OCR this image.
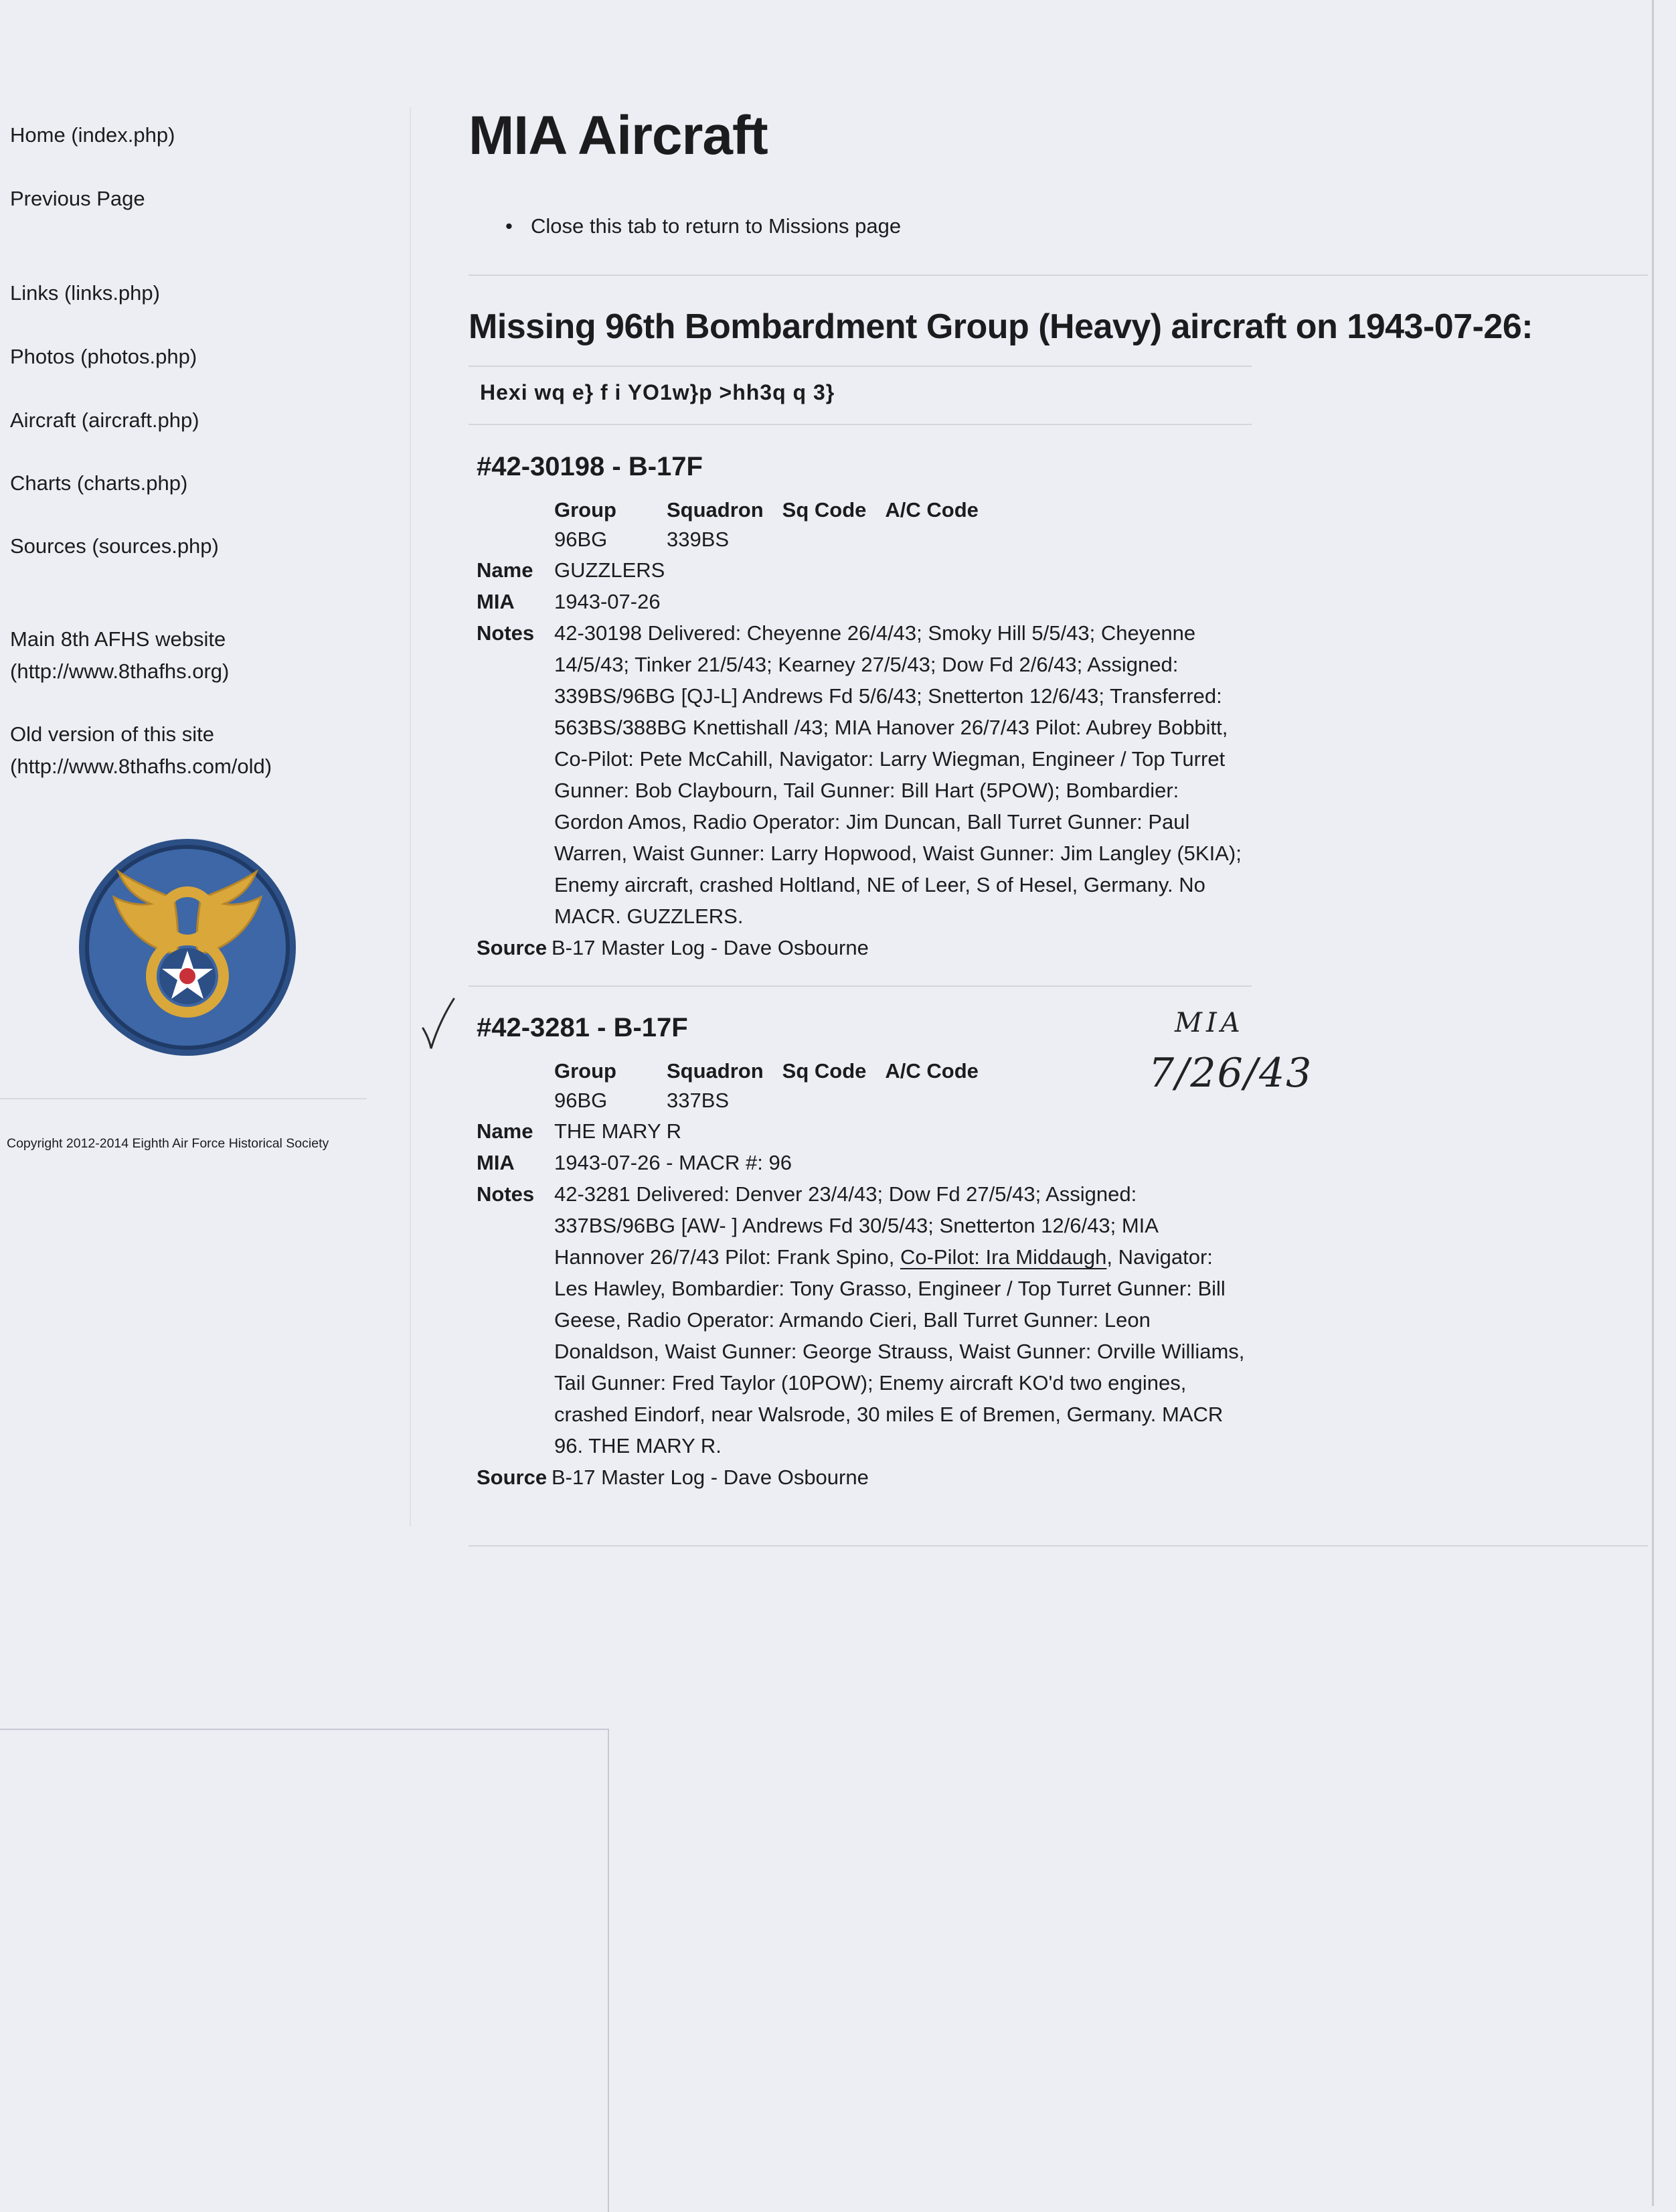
Home (index.php)
Previous Page
Links (links.php)
Photos (photos.php)
Aircraft (aircraft.php)
Charts (charts.php)
Sources (sources.php)
Main 8th AFHS website (http://www.8thafhs.org)
Old version of this site (http://www.8thafhs.com/old)
Copyright 2012-2014 Eighth Air Force Historical Society
MIA Aircraft
• Close this tab to return to Missions page
Missing 96th Bombardment Group (Heavy) aircraft on 1943-07-26:
Hexi wq e} f i YO1w}p >hh3q q 3}
#42-30198 - B-17F
Group	Squadron	Sq Code	A/C Code
96BG	339BS		
Name	GUZZLERS
MIA	1943-07-26
Notes 42-30198 Delivered: Cheyenne 26/4/43; Smoky Hill 5/5/43; Cheyenne 14/5/43; Tinker 21/5/43; Kearney 27/5/43; Dow Fd 2/6/43; Assigned: 339BS/96BG [QJ-L] Andrews Fd 5/6/43; Snetterton 12/6/43; Transferred: 563BS/388BG Knettishall /43; MIA Hanover 26/7/43 Pilot: Aubrey Bobbitt, Co-Pilot: Pete McCahill, Navigator: Larry Wiegman, Engineer / Top Turret Gunner: Bob Claybourn, Tail Gunner: Bill Hart (5POW); Bombardier: Gordon Amos, Radio Operator: Jim Duncan, Ball Turret Gunner: Paul Warren, Waist Gunner: Larry Hopwood, Waist Gunner: Jim Langley (5KIA); Enemy aircraft, crashed Holtland, NE of Leer, S of Hesel, Germany. No MACR. GUZZLERS.
Source B-17 Master Log - Dave Osbourne
#42-3281 - B-17F
Group	Squadron	Sq Code	A/C Code
96BG	337BS		
Name	THE MARY R
MIA	1943-07-26 - MACR #: 96
Notes 42-3281 Delivered: Denver 23/4/43; Dow Fd 27/5/43; Assigned: 337BS/96BG [AW- ] Andrews Fd 30/5/43; Snetterton 12/6/43; MIA Hannover 26/7/43 Pilot: Frank Spino, Co-Pilot: Ira Middaugh, Navigator: Les Hawley, Bombardier: Tony Grasso, Engineer / Top Turret Gunner: Bill Geese, Radio Operator: Armando Cieri, Ball Turret Gunner: Leon Donaldson, Waist Gunner: George Strauss, Waist Gunner: Orville Williams, Tail Gunner: Fred Taylor (10POW); Enemy aircraft KO'd two engines, crashed Eindorf, near Walsrode, 30 miles E of Bremen, Germany. MACR 96. THE MARY R.
Source B-17 Master Log - Dave Osbourne
MIA
7/26/43
